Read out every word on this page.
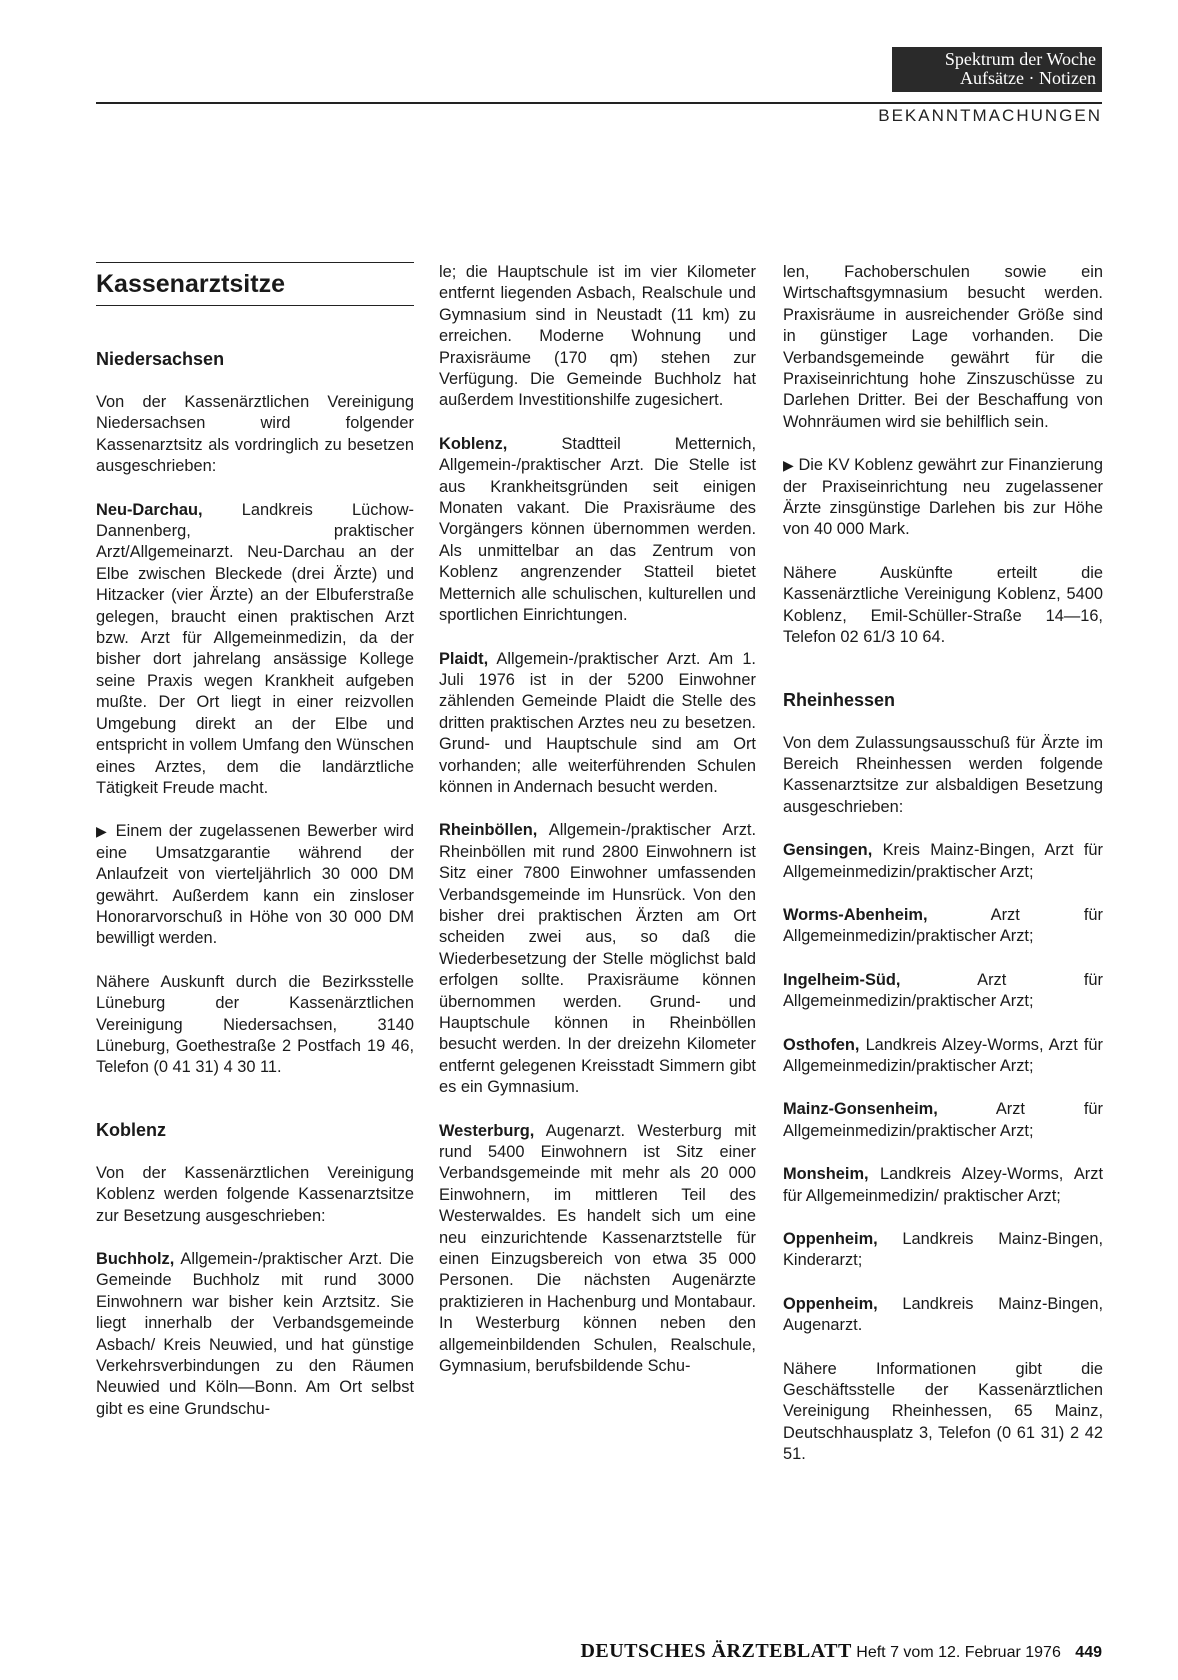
Spektrum der Woche
Aufsätze · Notizen
BEKANNTMACHUNGEN
Kassenarztsitze
Niedersachsen

Von der Kassenärztlichen Vereinigung Niedersachsen wird folgender Kassenarztsitz als vordringlich zu besetzen ausgeschrieben:

Neu-Darchau, Landkreis Lüchow-Dannenberg, praktischer Arzt/Allgemeinarzt. Neu-Darchau an der Elbe zwischen Bleckede (drei Ärzte) und Hitzacker (vier Ärzte) an der Elbuferstraße gelegen, braucht einen praktischen Arzt bzw. Arzt für Allgemeinmedizin, da der bisher dort jahrelang ansässige Kollege seine Praxis wegen Krankheit aufgeben mußte. Der Ort liegt in einer reizvollen Umgebung direkt an der Elbe und entspricht in vollem Umfang den Wünschen eines Arztes, dem die landärztliche Tätigkeit Freude macht.

▶ Einem der zugelassenen Bewerber wird eine Umsatzgarantie während der Anlaufzeit von vierteljährlich 30 000 DM gewährt. Außerdem kann ein zinsloser Honorarvorschuß in Höhe von 30 000 DM bewilligt werden.

Nähere Auskunft durch die Bezirksstelle Lüneburg der Kassenärztlichen Vereinigung Niedersachsen, 3140 Lüneburg, Goethestraße 2 Postfach 19 46, Telefon (0 41 31) 4 30 11.

Koblenz

Von der Kassenärztlichen Vereinigung Koblenz werden folgende Kassenarztsitze zur Besetzung ausgeschrieben:

Buchholz, Allgemein-/praktischer Arzt. Die Gemeinde Buchholz mit rund 3000 Einwohnern war bisher kein Arztsitz. Sie liegt innerhalb der Verbandsgemeinde Asbach/ Kreis Neuwied, und hat günstige Verkehrsverbindungen zu den Räumen Neuwied und Köln—Bonn. Am Ort selbst gibt es eine Grundschu-

le; die Hauptschule ist im vier Kilometer entfernt liegenden Asbach, Realschule und Gymnasium sind in Neustadt (11 km) zu erreichen. Moderne Wohnung und Praxisräume (170 qm) stehen zur Verfügung. Die Gemeinde Buchholz hat außerdem Investitionshilfe zugesichert.

Koblenz, Stadtteil Metternich, Allgemein-/praktischer Arzt. Die Stelle ist aus Krankheitsgründen seit einigen Monaten vakant. Die Praxisräume des Vorgängers können übernommen werden. Als unmittelbar an das Zentrum von Koblenz angrenzender Statteil bietet Metternich alle schulischen, kulturellen und sportlichen Einrichtungen.

Plaidt, Allgemein-/praktischer Arzt. Am 1. Juli 1976 ist in der 5200 Einwohner zählenden Gemeinde Plaidt die Stelle des dritten praktischen Arztes neu zu besetzen. Grund- und Hauptschule sind am Ort vorhanden; alle weiterführenden Schulen können in Andernach besucht werden.

Rheinböllen, Allgemein-/praktischer Arzt. Rheinböllen mit rund 2800 Einwohnern ist Sitz einer 7800 Einwohner umfassenden Verbandsgemeinde im Hunsrück. Von den bisher drei praktischen Ärzten am Ort scheiden zwei aus, so daß die Wiederbesetzung der Stelle möglichst bald erfolgen sollte. Praxisräume können übernommen werden. Grund- und Hauptschule können in Rheinböllen besucht werden. In der dreizehn Kilometer entfernt gelegenen Kreisstadt Simmern gibt es ein Gymnasium.

Westerburg, Augenarzt. Westerburg mit rund 5400 Einwohnern ist Sitz einer Verbandsgemeinde mit mehr als 20 000 Einwohnern, im mittleren Teil des Westerwaldes. Es handelt sich um eine neu einzurichtende Kassenarztstelle für einen Einzugsbereich von etwa 35 000 Personen. Die nächsten Augenärzte praktizieren in Hachenburg und Montabaur. In Westerburg können neben den allgemeinbildenden Schulen, Realschule, Gymnasium, berufsbildende Schu-

len, Fachoberschulen sowie ein Wirtschaftsgymnasium besucht werden. Praxisräume in ausreichender Größe sind in günstiger Lage vorhanden. Die Verbandsgemeinde gewährt für die Praxiseinrichtung hohe Zinszuschüsse zu Darlehen Dritter. Bei der Beschaffung von Wohnräumen wird sie behilflich sein.

▶ Die KV Koblenz gewährt zur Finanzierung der Praxiseinrichtung neu zugelassener Ärzte zinsgünstige Darlehen bis zur Höhe von 40 000 Mark.

Nähere Auskünfte erteilt die Kassenärztliche Vereinigung Koblenz, 5400 Koblenz, Emil-Schüller-Straße 14—16, Telefon 02 61/3 10 64.

Rheinhessen

Von dem Zulassungsausschuß für Ärzte im Bereich Rheinhessen werden folgende Kassenarztsitze zur alsbaldigen Besetzung ausgeschrieben:

Gensingen, Kreis Mainz-Bingen, Arzt für Allgemeinmedizin/praktischer Arzt;

Worms-Abenheim, Arzt für Allgemeinmedizin/praktischer Arzt;

Ingelheim-Süd, Arzt für Allgemeinmedizin/praktischer Arzt;

Osthofen, Landkreis Alzey-Worms, Arzt für Allgemeinmedizin/praktischer Arzt;

Mainz-Gonsenheim, Arzt für Allgemeinmedizin/praktischer Arzt;

Monsheim, Landkreis Alzey-Worms, Arzt für Allgemeinmedizin/ praktischer Arzt;

Oppenheim, Landkreis Mainz-Bingen, Kinderarzt;

Oppenheim, Landkreis Mainz-Bingen, Augenarzt.

Nähere Informationen gibt die Geschäftsstelle der Kassenärztlichen Vereinigung Rheinhessen, 65 Mainz, Deutschhausplatz 3, Telefon (0 61 31) 2 42 51.

DEUTSCHES ÄRZTEBLATT Heft 7 vom 12. Februar 1976 449
